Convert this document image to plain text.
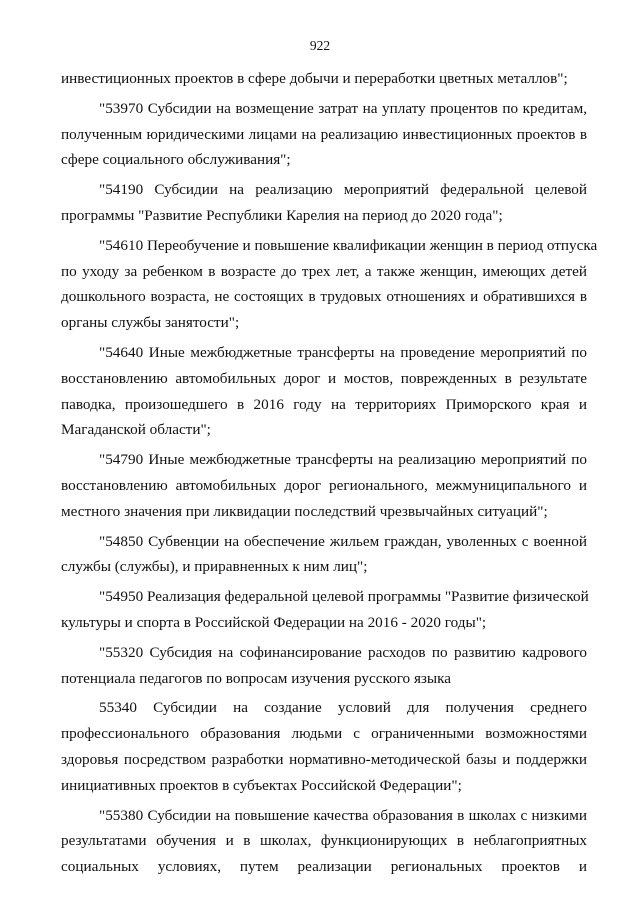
922
инвестиционных проектов в сфере добычи и переработки цветных металлов";
"53970 Субсидии на возмещение затрат на уплату процентов по кредитам,
полученным юридическими лицами на реализацию инвестиционных проектов в
сфере социального обслуживания";
"54190 Субсидии на реализацию мероприятий федеральной целевой
программы "Развитие Республики Карелия на период до 2020 года";
"54610 Переобучение и повышение квалификации женщин в период отпуска
по уходу за ребенком в возрасте до трех лет, а также женщин, имеющих детей
дошкольного возраста, не состоящих в трудовых отношениях и обратившихся в
органы службы занятости";
"54640 Иные межбюджетные трансферты на проведение мероприятий по
восстановлению автомобильных дорог и мостов, поврежденных в результате
паводка, произошедшего в 2016 году на территориях Приморского края и
Магаданской области";
"54790 Иные межбюджетные трансферты на реализацию мероприятий по
восстановлению автомобильных дорог регионального, межмуниципального и
местного значения при ликвидации последствий чрезвычайных ситуаций";
"54850 Субвенции на обеспечение жильем граждан, уволенных с военной
службы (службы), и приравненных к ним лиц";
"54950 Реализация федеральной целевой программы "Развитие физической
культуры и спорта в Российской Федерации на 2016 - 2020 годы";
"55320 Субсидия на софинансирование расходов по развитию кадрового
потенциала педагогов по вопросам изучения русского языка
55340 Субсидии на создание условий для получения среднего
профессионального образования людьми с ограниченными возможностями
здоровья посредством разработки нормативно-методической базы и поддержки
инициативных проектов в субъектах Российской Федерации";
"55380 Субсидии на повышение качества образования в школах с низкими
результатами обучения и в школах, функционирующих в неблагоприятных
социальных условиях, путем реализации региональных проектов и
